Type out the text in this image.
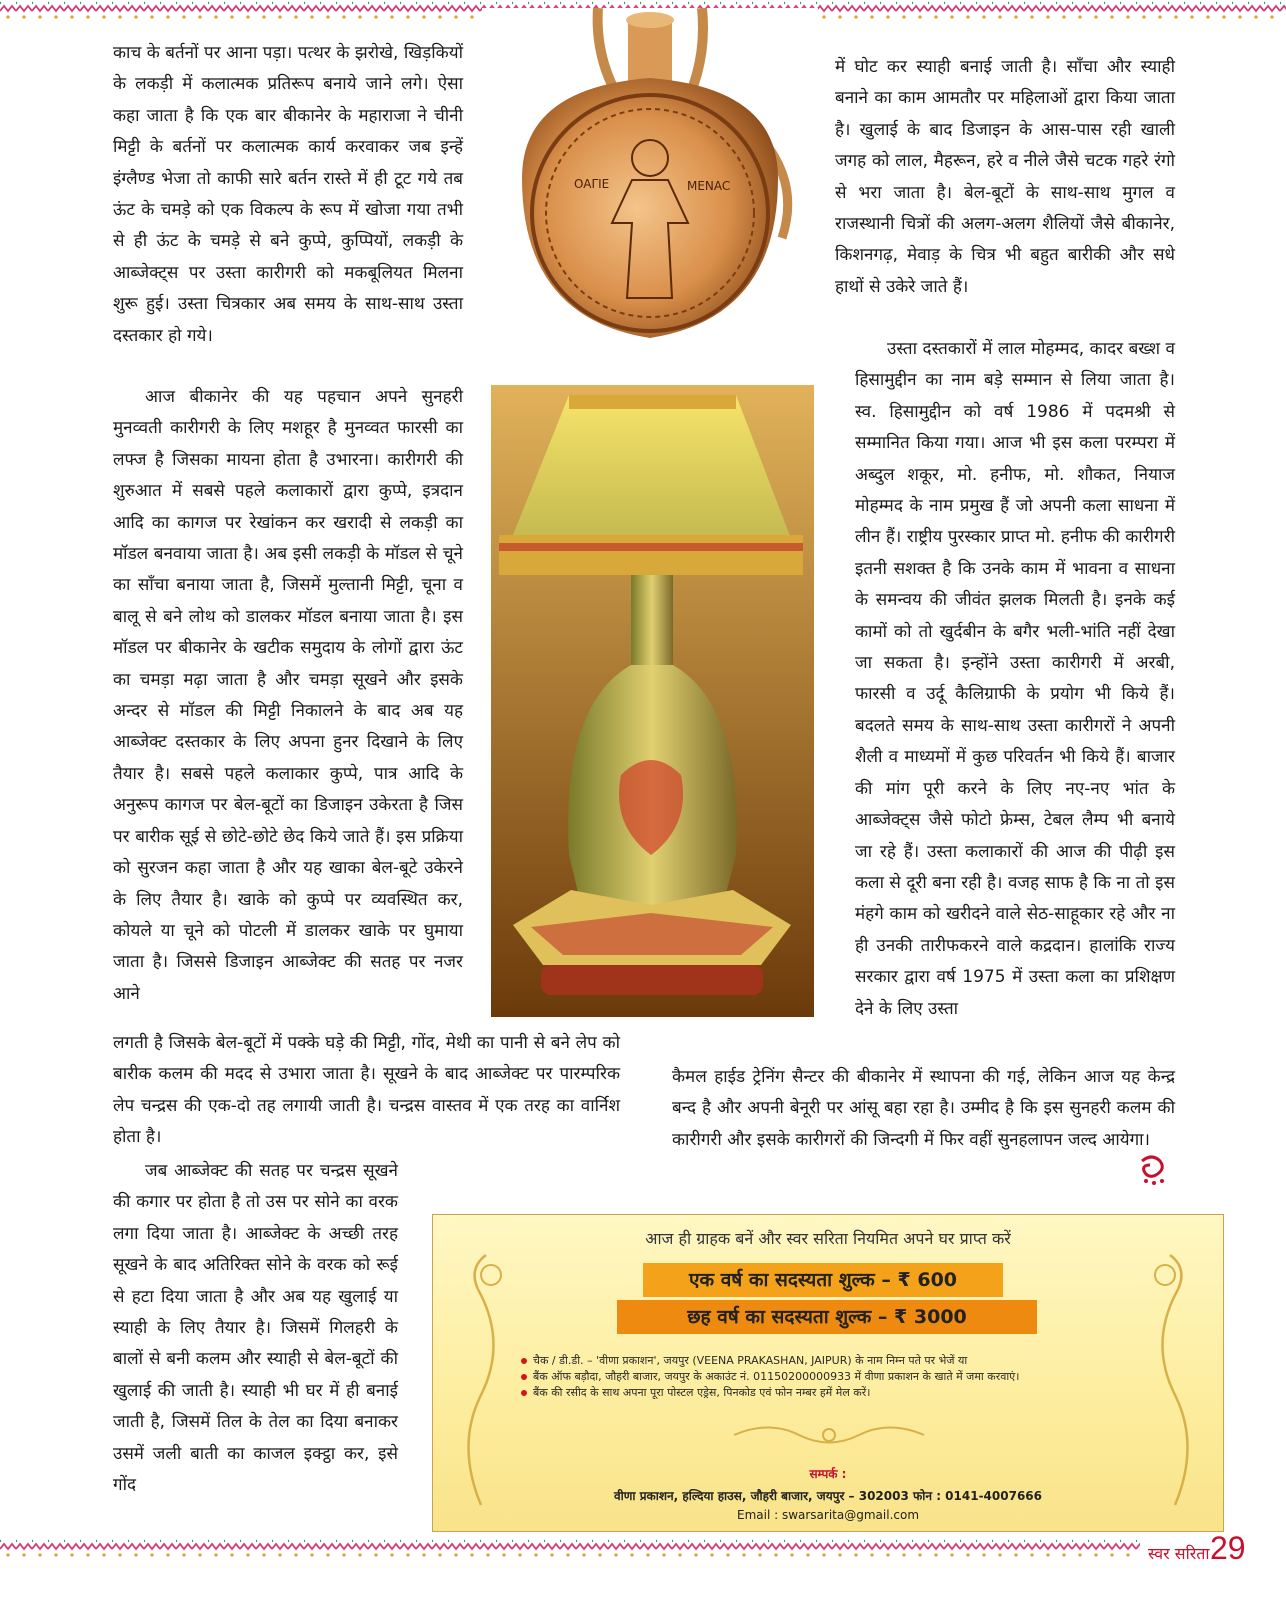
काच के बर्तनों पर आना पड़ा। पत्थर के झरोखे, खिड़कियों के लकड़ी में कलात्मक प्रतिरूप बनाये जाने लगे। ऐसा कहा जाता है कि एक बार बीकानेर के महाराजा ने चीनी मिट्टी के बर्तनों पर कलात्मक कार्य करवाकर जब इन्हें इंग्लैण्ड भेजा तो काफी सारे बर्तन रास्ते में ही टूट गये तब ऊंट के चमड़े को एक विकल्प के रूप में खोजा गया तभी से ही ऊंट के चमड़े से बने कुप्पे, कुप्पियों, लकड़ी के आब्जेक्ट्स पर उस्ता कारीगरी को मकबूलियत मिलना शुरू हुई। उस्ता चित्रकार अब समय के साथ-साथ उस्ता दस्तकार हो गये।

आज बीकानेर की यह पहचान अपने सुनहरी मुनव्वती कारीगरी के लिए मशहूर है मुनव्वत फारसी का लफ्ज है जिसका मायना होता है उभारना। कारीगरी की शुरुआत में सबसे पहले कलाकारों द्वारा कुप्पे, इत्रदान आदि का कागज पर रेखांकन कर खरादी से लकड़ी का मॉडल बनवाया जाता है। अब इसी लकड़ी के मॉडल से चूने का साँचा बनाया जाता है, जिसमें मुल्तानी मिट्टी, चूना व बालू से बने लोथ को डालकर मॉडल बनाया जाता है। इस मॉडल पर बीकानेर के खटीक समुदाय के लोगों द्वारा ऊंट का चमड़ा मढ़ा जाता है और चमड़ा सूखने और इसके अन्दर से मॉडल की मिट्टी निकालने के बाद अब यह आब्जेक्ट दस्तकार के लिए अपना हुनर दिखाने के लिए तैयार है। सबसे पहले कलाकार कुप्पे, पात्र आदि के अनुरूप कागज पर बेल-बूटों का डिजाइन उकेरता है जिस पर बारीक सूई से छोटे-छोटे छेद किये जाते हैं। इस प्रक्रिया को सुरजन कहा जाता है और यह खाका बेल-बूटे उकेरने के लिए तैयार है। खाके को कुप्पे पर व्यवस्थित कर, कोयले या चूने को पोटली में डालकर खाके पर घुमाया जाता है। जिससे डिजाइन आब्जेक्ट की सतह पर नजर आने

लगती है जिसके बेल-बूटों में पक्के घड़े की मिट्टी, गोंद, मेथी का पानी से बने लेप को बारीक कलम की मदद से उभारा जाता है। सूखने के बाद आब्जेक्ट पर पारम्परिक लेप चन्द्रस की एक-दो तह लगायी जाती है। चन्द्रस वास्तव में एक तरह का वार्निश होता है।

जब आब्जेक्ट की सतह पर चन्द्रस सूखने की कगार पर होता है तो उस पर सोने का वरक लगा दिया जाता है। आब्जेक्ट के अच्छी तरह सूखने के बाद अतिरिक्त सोने के वरक को रूई से हटा दिया जाता है और अब यह खुलाई या स्याही के लिए तैयार है। जिसमें गिलहरी के बालों से बनी कलम और स्याही से बेल-बूटों की खुलाई की जाती है। स्याही भी घर में ही बनाई जाती है, जिसमें तिल के तेल का दिया बनाकर उसमें जली बाती का काजल इक्ट्ठा कर, इसे गोंद

में घोट कर स्याही बनाई जाती है। साँचा और स्याही बनाने का काम आमतौर पर महिलाओं द्वारा किया जाता है। खुलाई के बाद डिजाइन के आस-पास रही खाली जगह को लाल, मैहरून, हरे व नीले जैसे चटक गहरे रंगो से भरा जाता है। बेल-बूटों के साथ-साथ मुगल व राजस्थानी चित्रों की अलग-अलग शैलियों जैसे बीकानेर, किशनगढ़, मेवाड़ के चित्र भी बहुत बारीकी और सधे हाथों से उकेरे जाते हैं।

उस्ता दस्तकारों में लाल मोहम्मद, कादर बख्श व हिसामुद्दीन का नाम बड़े सम्मान से लिया जाता है। स्व. हिसामुद्दीन को वर्ष 1986 में पदमश्री से सम्मानित किया गया। आज भी इस कला परम्परा में अब्दुल शकूर, मो. हनीफ, मो. शौकत, नियाज मोहम्मद के नाम प्रमुख हैं जो अपनी कला साधना में लीन हैं। राष्ट्रीय पुरस्कार प्राप्त मो. हनीफ की कारीगरी इतनी सशक्त है कि उनके काम में भावना व साधना के समन्वय की जीवंत झलक मिलती है। इनके कई कामों को तो खुर्दबीन के बगैर भली-भांति नहीं देखा जा सकता है। इन्होंने उस्ता कारीगरी में अरबी, फारसी व उर्दू कैलिग्राफी के प्रयोग भी किये हैं। बदलते समय के साथ-साथ उस्ता कारीगरों ने अपनी शैली व माध्यमों में कुछ परिवर्तन भी किये हैं। बाजार की मांग पूरी करने के लिए नए-नए भांत के आब्जेक्ट्स जैसे फोटो फ्रेम्स, टेबल लैम्प भी बनाये जा रहे हैं। उस्ता कलाकारों की आज की पीढ़ी इस कला से दूरी बना रही है। वजह साफ है कि ना तो इस मंहगे काम को खरीदने वाले सेठ-साहूकार रहे और ना ही उनकी तारीफकरने वाले कद्रदान। हालांकि राज्य सरकार द्वारा वर्ष 1975 में उस्ता कला का प्रशिक्षण देने के लिए उस्ता

कैमल हाईड ट्रेनिंग सैन्टर की बीकानेर में स्थापना की गई, लेकिन आज यह केन्द्र बन्द है और अपनी बेनूरी पर आंसू बहा रहा है। उम्मीद है कि इस सुनहरी कलम की कारीगरी और इसके कारीगरों की जिन्दगी में फिर वहीं सुनहलापन जल्द आयेगा।

OAΓIE	MENAC
आज ही ग्राहक बनें और स्वर सरिता नियमित अपने घर प्राप्त करें
एक वर्ष का सदस्यता शुल्क – ₹ 600
छह वर्ष का सदस्यता शुल्क – ₹ 3000
चैक / डी.डी. – 'वीणा प्रकाशन', जयपुर (VEENA PRAKASHAN, JAIPUR) के नाम निम्न पते पर भेजें या
बैंक ऑफ बड़ौदा, जौहरी बाजार, जयपुर के अकाउंट नं. 01150200000933 में वीणा प्रकाशन के खाते में जमा करवाएं।
बैंक की रसीद के साथ अपना पूरा पोस्टल एड्रेस, पिनकोड एवं फोन नम्बर हमें मेल करें।
सम्पर्क :
वीणा प्रकाशन, हल्दिया हाउस, जौहरी बाजार, जयपुर – 302003 फोन : 0141-4007666
Email : swarsarita@gmail.com
स्वर सरिता 29
